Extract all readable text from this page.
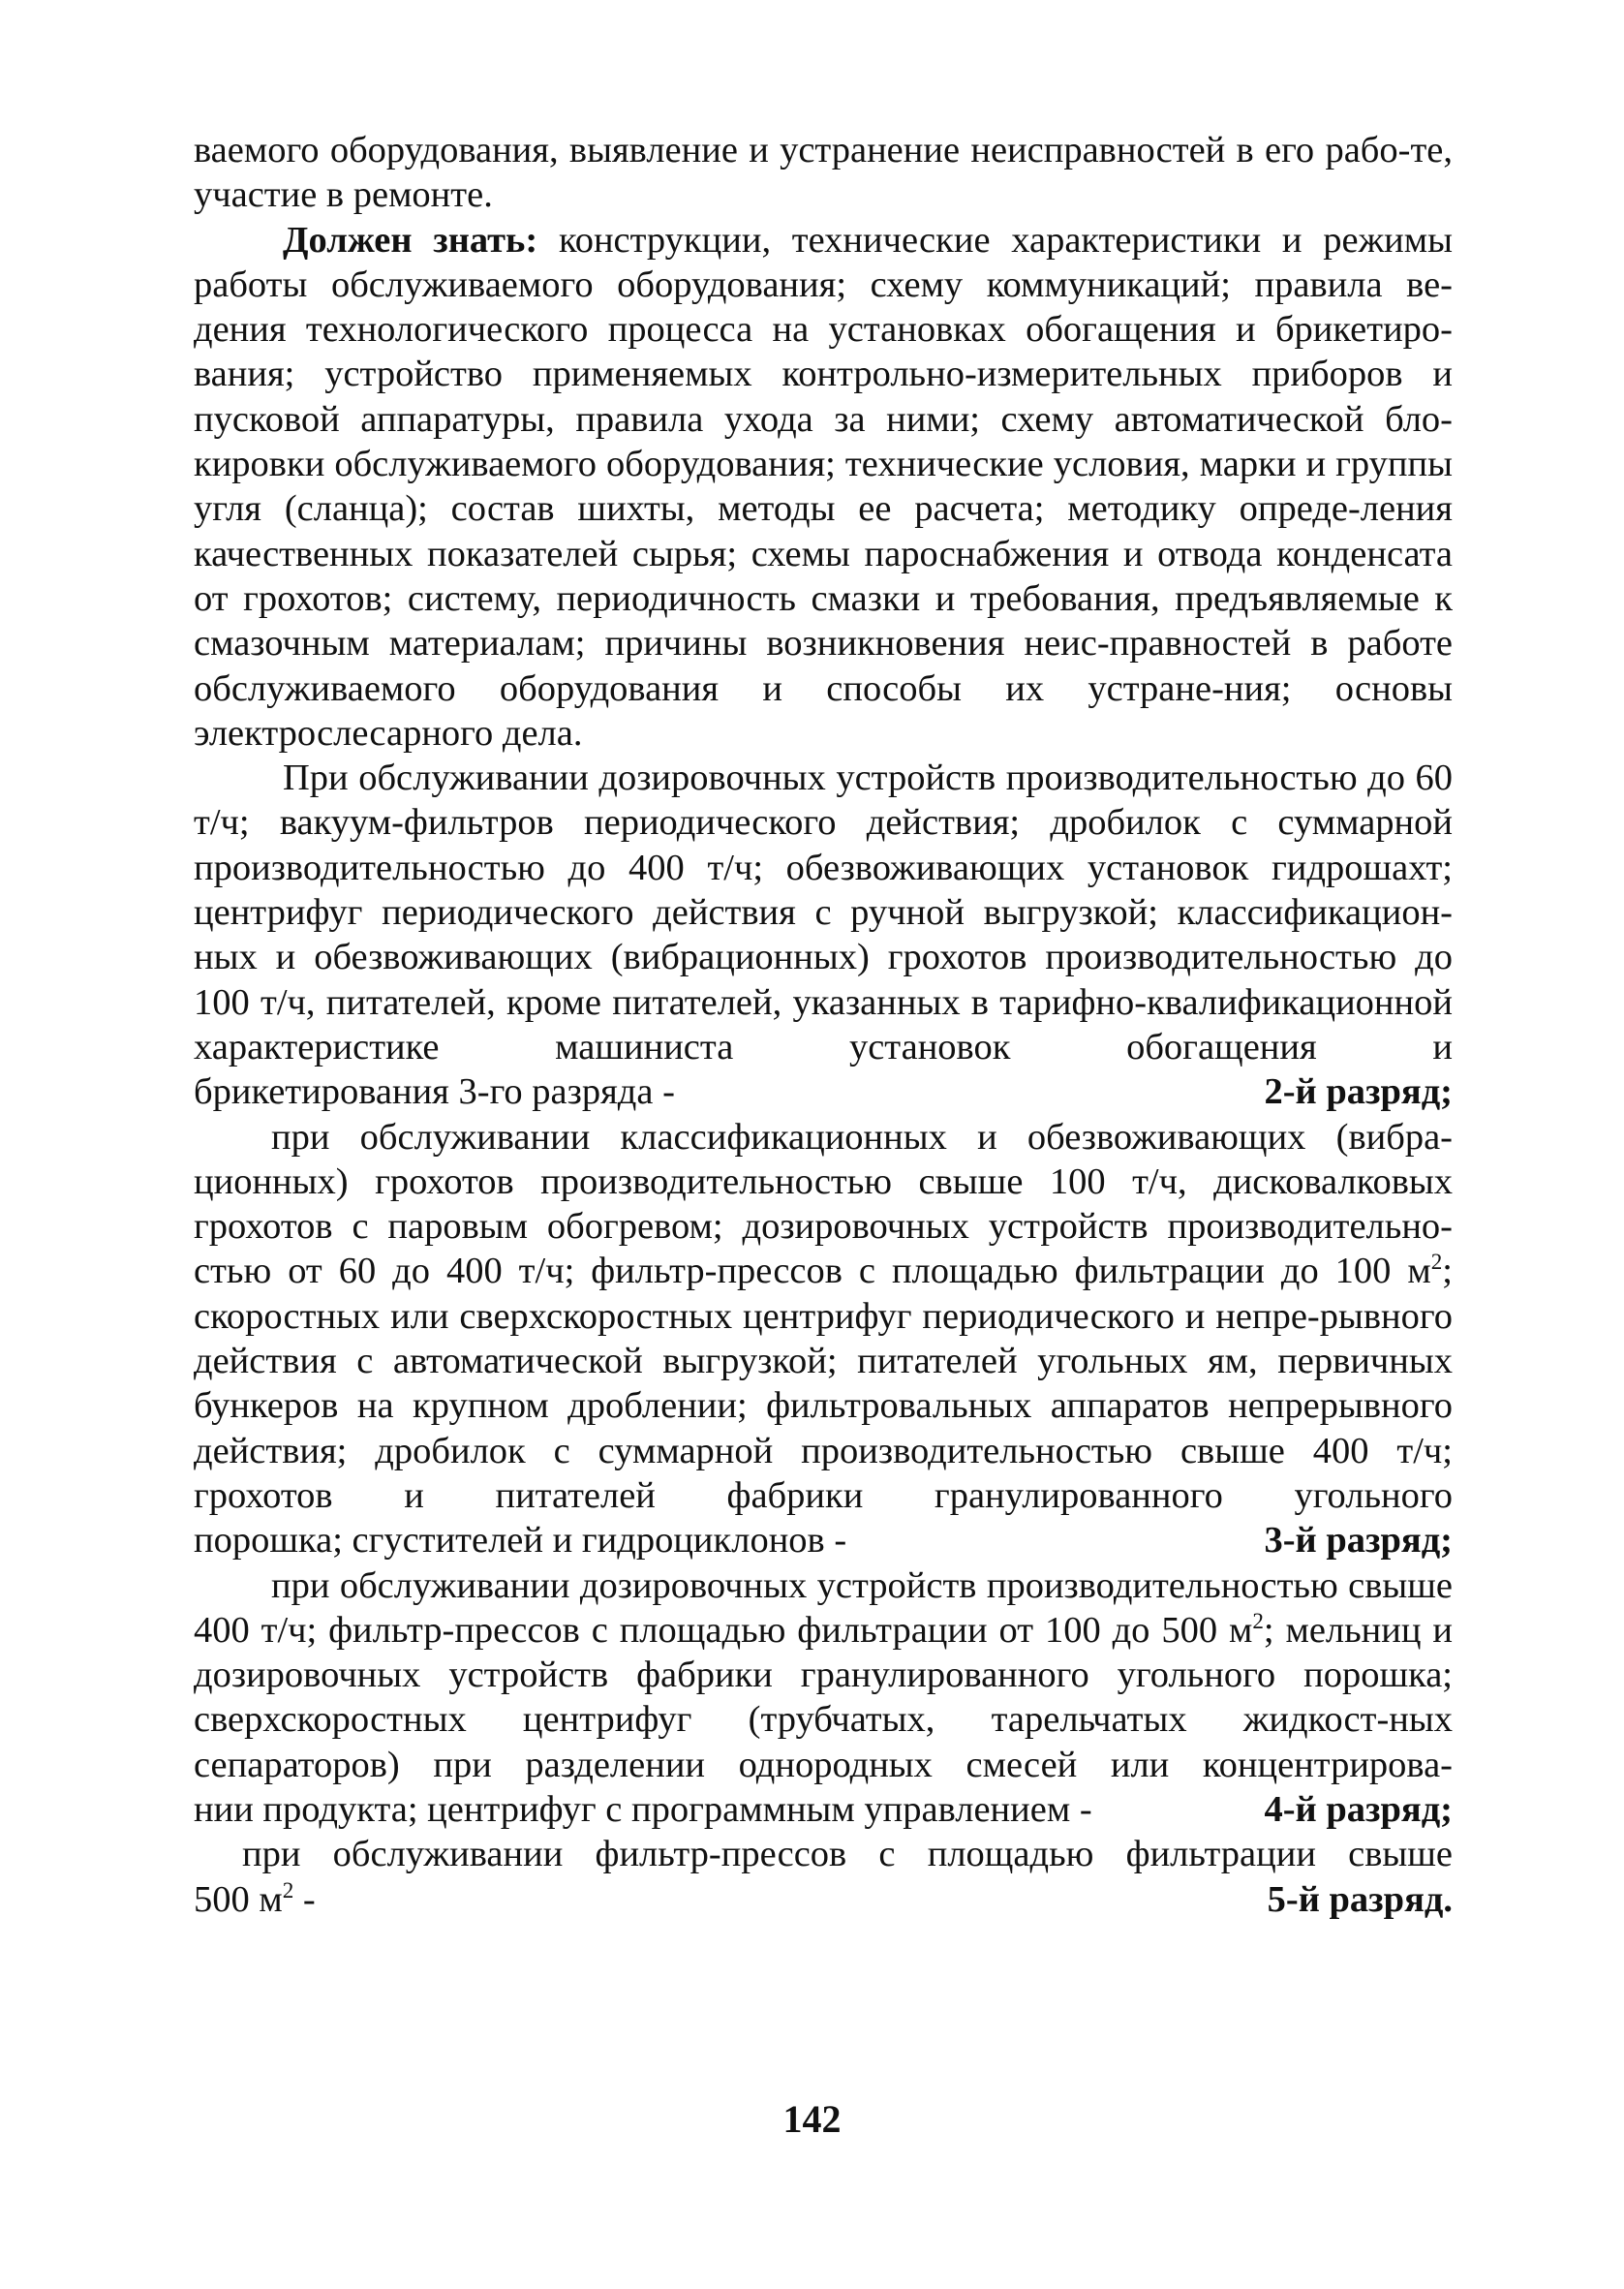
ваемого оборудования, выявление и устранение неисправностей в его рабо-те, участие в ремонте.

Должен знать: конструкции, технические характеристики и режимы работы обслуживаемого оборудования; схему коммуникаций; правила ве-дения технологического процесса на установках обогащения и брикетиро-вания; устройство применяемых контрольно-измерительных приборов и пусковой аппаратуры, правила ухода за ними; схему автоматической бло-кировки обслуживаемого оборудования; технические условия, марки и группы угля (сланца); состав шихты, методы ее расчета; методику опреде-ления качественных показателей сырья; схемы пароснабжения и отвода конденсата от грохотов; систему, периодичность смазки и требования, предъявляемые к смазочным материалам; причины возникновения неис-правностей в работе обслуживаемого оборудования и способы их устране-ния; основы электрослесарного дела.

При обслуживании дозировочных устройств производительностью до 60 т/ч; вакуум-фильтров периодического действия; дробилок с суммарной производительностью до 400 т/ч; обезвоживающих установок гидрошахт; центрифуг периодического действия с ручной выгрузкой; классификацион-ных и обезвоживающих (вибрационных) грохотов производительностью до 100 т/ч, питателей, кроме питателей, указанных в тарифно-квалификационной характеристике машиниста установок обогащения и

брикетирования 3-го разряда -	2-й разряд;

при обслуживании классификационных и обезвоживающих (вибра-ционных) грохотов производительностью свыше 100 т/ч, дисковалковых грохотов с паровым обогревом; дозировочных устройств производительно-стью от 60 до 400 т/ч; фильтр-прессов с площадью фильтрации до 100 $м^2$; скоростных или сверхскоростных центрифуг периодического и непре-рывного действия с автоматической выгрузкой; питателей угольных ям, первичных бункеров на крупном дроблении; фильтровальных аппаратов непрерывного действия; дробилок с суммарной производительностью свыше 400 т/ч; грохотов и питателей фабрики гранулированного угольного

порошка; сгустителей и гидроциклонов -	3-й разряд;

при обслуживании дозировочных устройств производительностью свыше 400 т/ч; фильтр-прессов с площадью фильтрации от 100 до 500 $м^2$; мельниц и дозировочных устройств фабрики гранулированного угольного порошка; сверхскоростных центрифуг (трубчатых, тарельчатых жидкост-ных сепараторов) при разделении однородных смесей или концентрирова-

нии продукта; центрифуг с программным управлением -	4-й разряд;

при обслуживании фильтр-прессов с площадью фильтрации свыше

500 $м^2$ -	5-й разряд.
142
